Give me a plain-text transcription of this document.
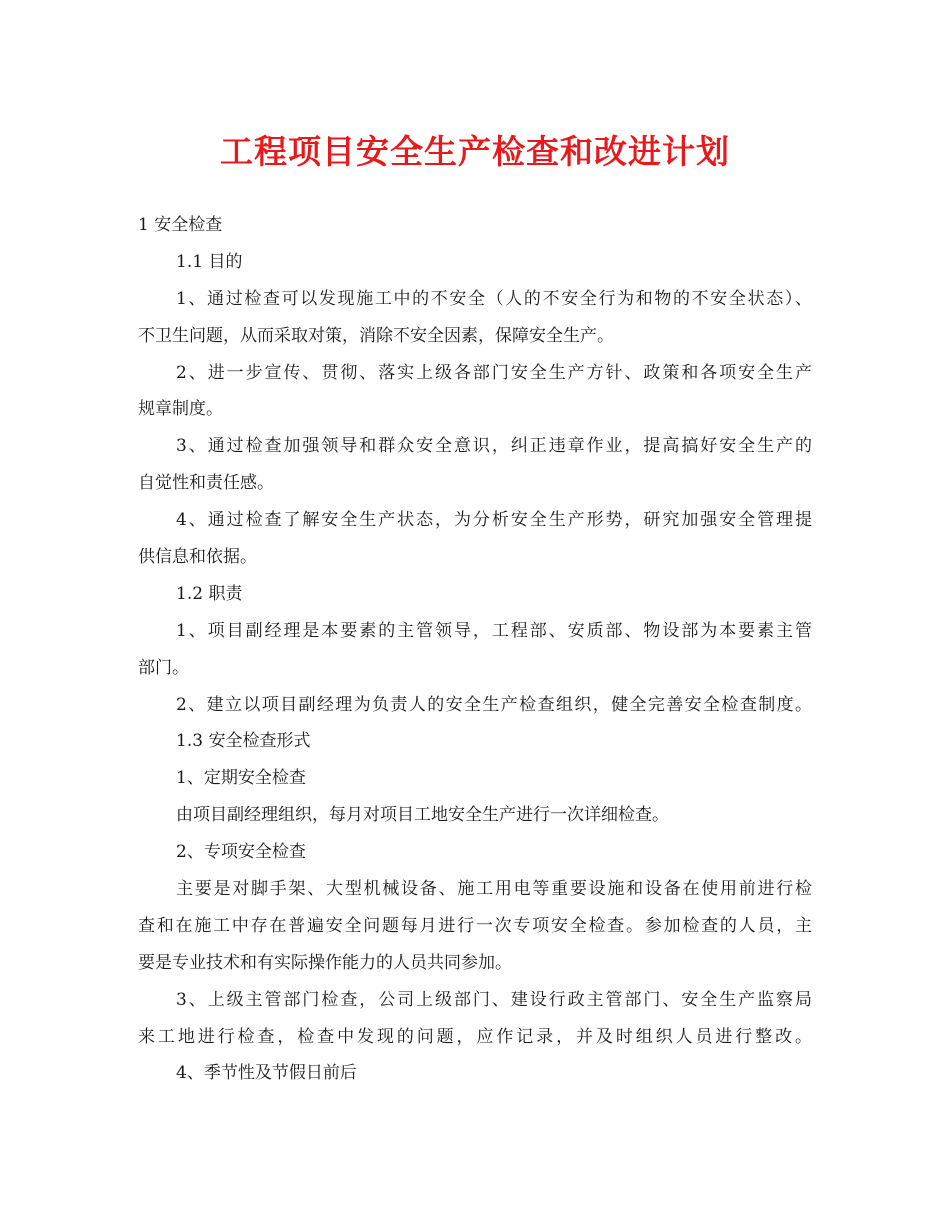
工程项目安全生产检查和改进计划
1 安全检查
1.1 目的
1、通过检查可以发现施工中的不安全（人的不安全行为和物的不安全状态）、
不卫生问题，从而采取对策，消除不安全因素，保障安全生产。
2、进一步宣传、贯彻、落实上级各部门安全生产方针、政策和各项安全生产
规章制度。
3、通过检查加强领导和群众安全意识，纠正违章作业，提高搞好安全生产的
自觉性和责任感。
4、通过检查了解安全生产状态，为分析安全生产形势，研究加强安全管理提
供信息和依据。
1.2 职责
1、项目副经理是本要素的主管领导，工程部、安质部、物设部为本要素主管
部门。
2、建立以项目副经理为负责人的安全生产检查组织，健全完善安全检查制度。
1.3 安全检查形式
1、定期安全检查
由项目副经理组织，每月对项目工地安全生产进行一次详细检查。
2、专项安全检查
主要是对脚手架、大型机械设备、施工用电等重要设施和设备在使用前进行检
查和在施工中存在普遍安全问题每月进行一次专项安全检查。参加检查的人员，主
要是专业技术和有实际操作能力的人员共同参加。
3、上级主管部门检查，公司上级部门、建设行政主管部门、安全生产监察局
来工地进行检查，检查中发现的问题，应作记录，并及时组织人员进行整改。
4、季节性及节假日前后
